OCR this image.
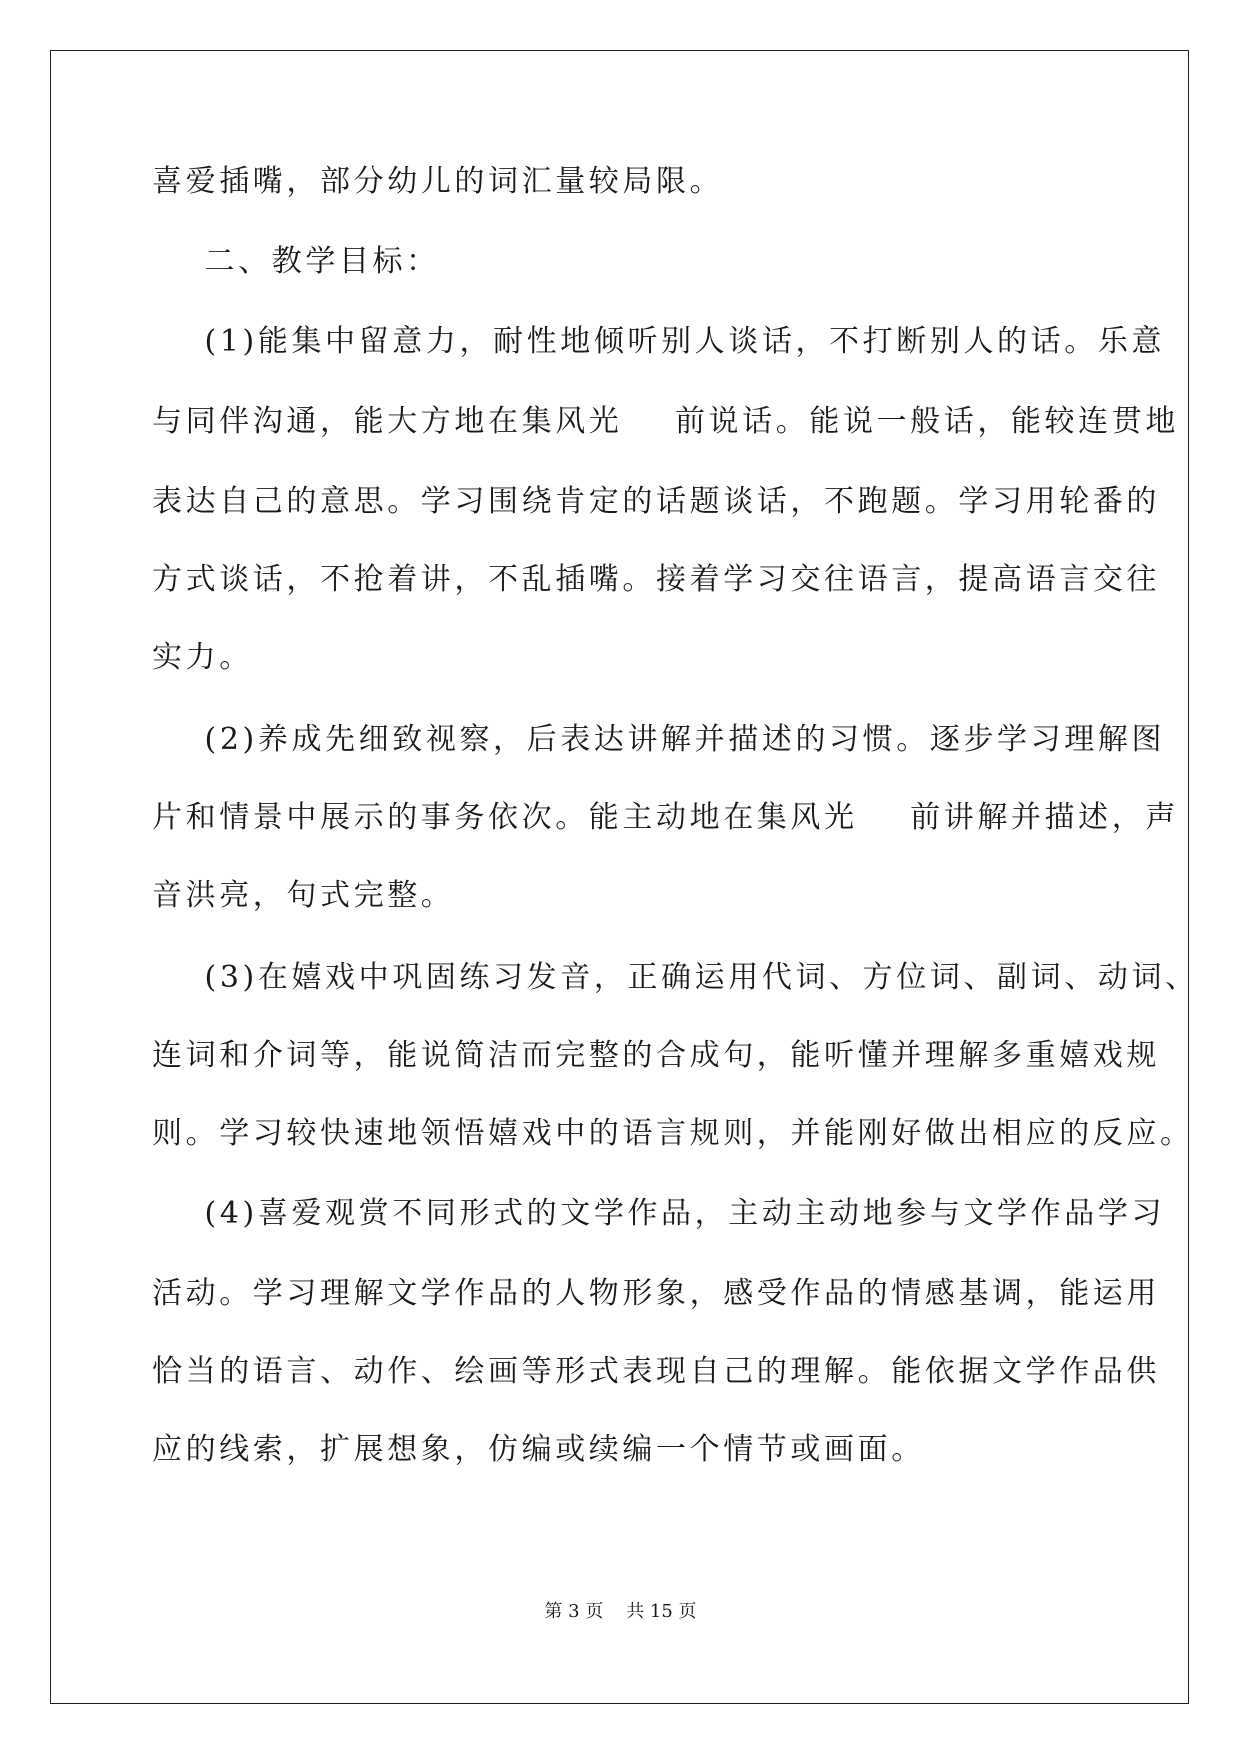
喜爱插嘴，部分幼儿的词汇量较局限。
二、教学目标：
(1)能集中留意力，耐性地倾听别人谈话，不打断别人的话。乐意
与同伴沟通，能大方地在集风光    前说话。能说一般话，能较连贯地
表达自己的意思。学习围绕肯定的话题谈话，不跑题。学习用轮番的
方式谈话，不抢着讲，不乱插嘴。接着学习交往语言，提高语言交往
实力。
(2)养成先细致视察，后表达讲解并描述的习惯。逐步学习理解图
片和情景中展示的事务依次。能主动地在集风光    前讲解并描述，声
音洪亮，句式完整。
(3)在嬉戏中巩固练习发音，正确运用代词、方位词、副词、动词、
连词和介词等，能说简洁而完整的合成句，能听懂并理解多重嬉戏规
则。学习较快速地领悟嬉戏中的语言规则，并能刚好做出相应的反应。
(4)喜爱观赏不同形式的文学作品，主动主动地参与文学作品学习
活动。学习理解文学作品的人物形象，感受作品的情感基调，能运用
恰当的语言、动作、绘画等形式表现自己的理解。能依据文学作品供
应的线索，扩展想象，仿编或续编一个情节或画面。
第 3 页    共 15 页
